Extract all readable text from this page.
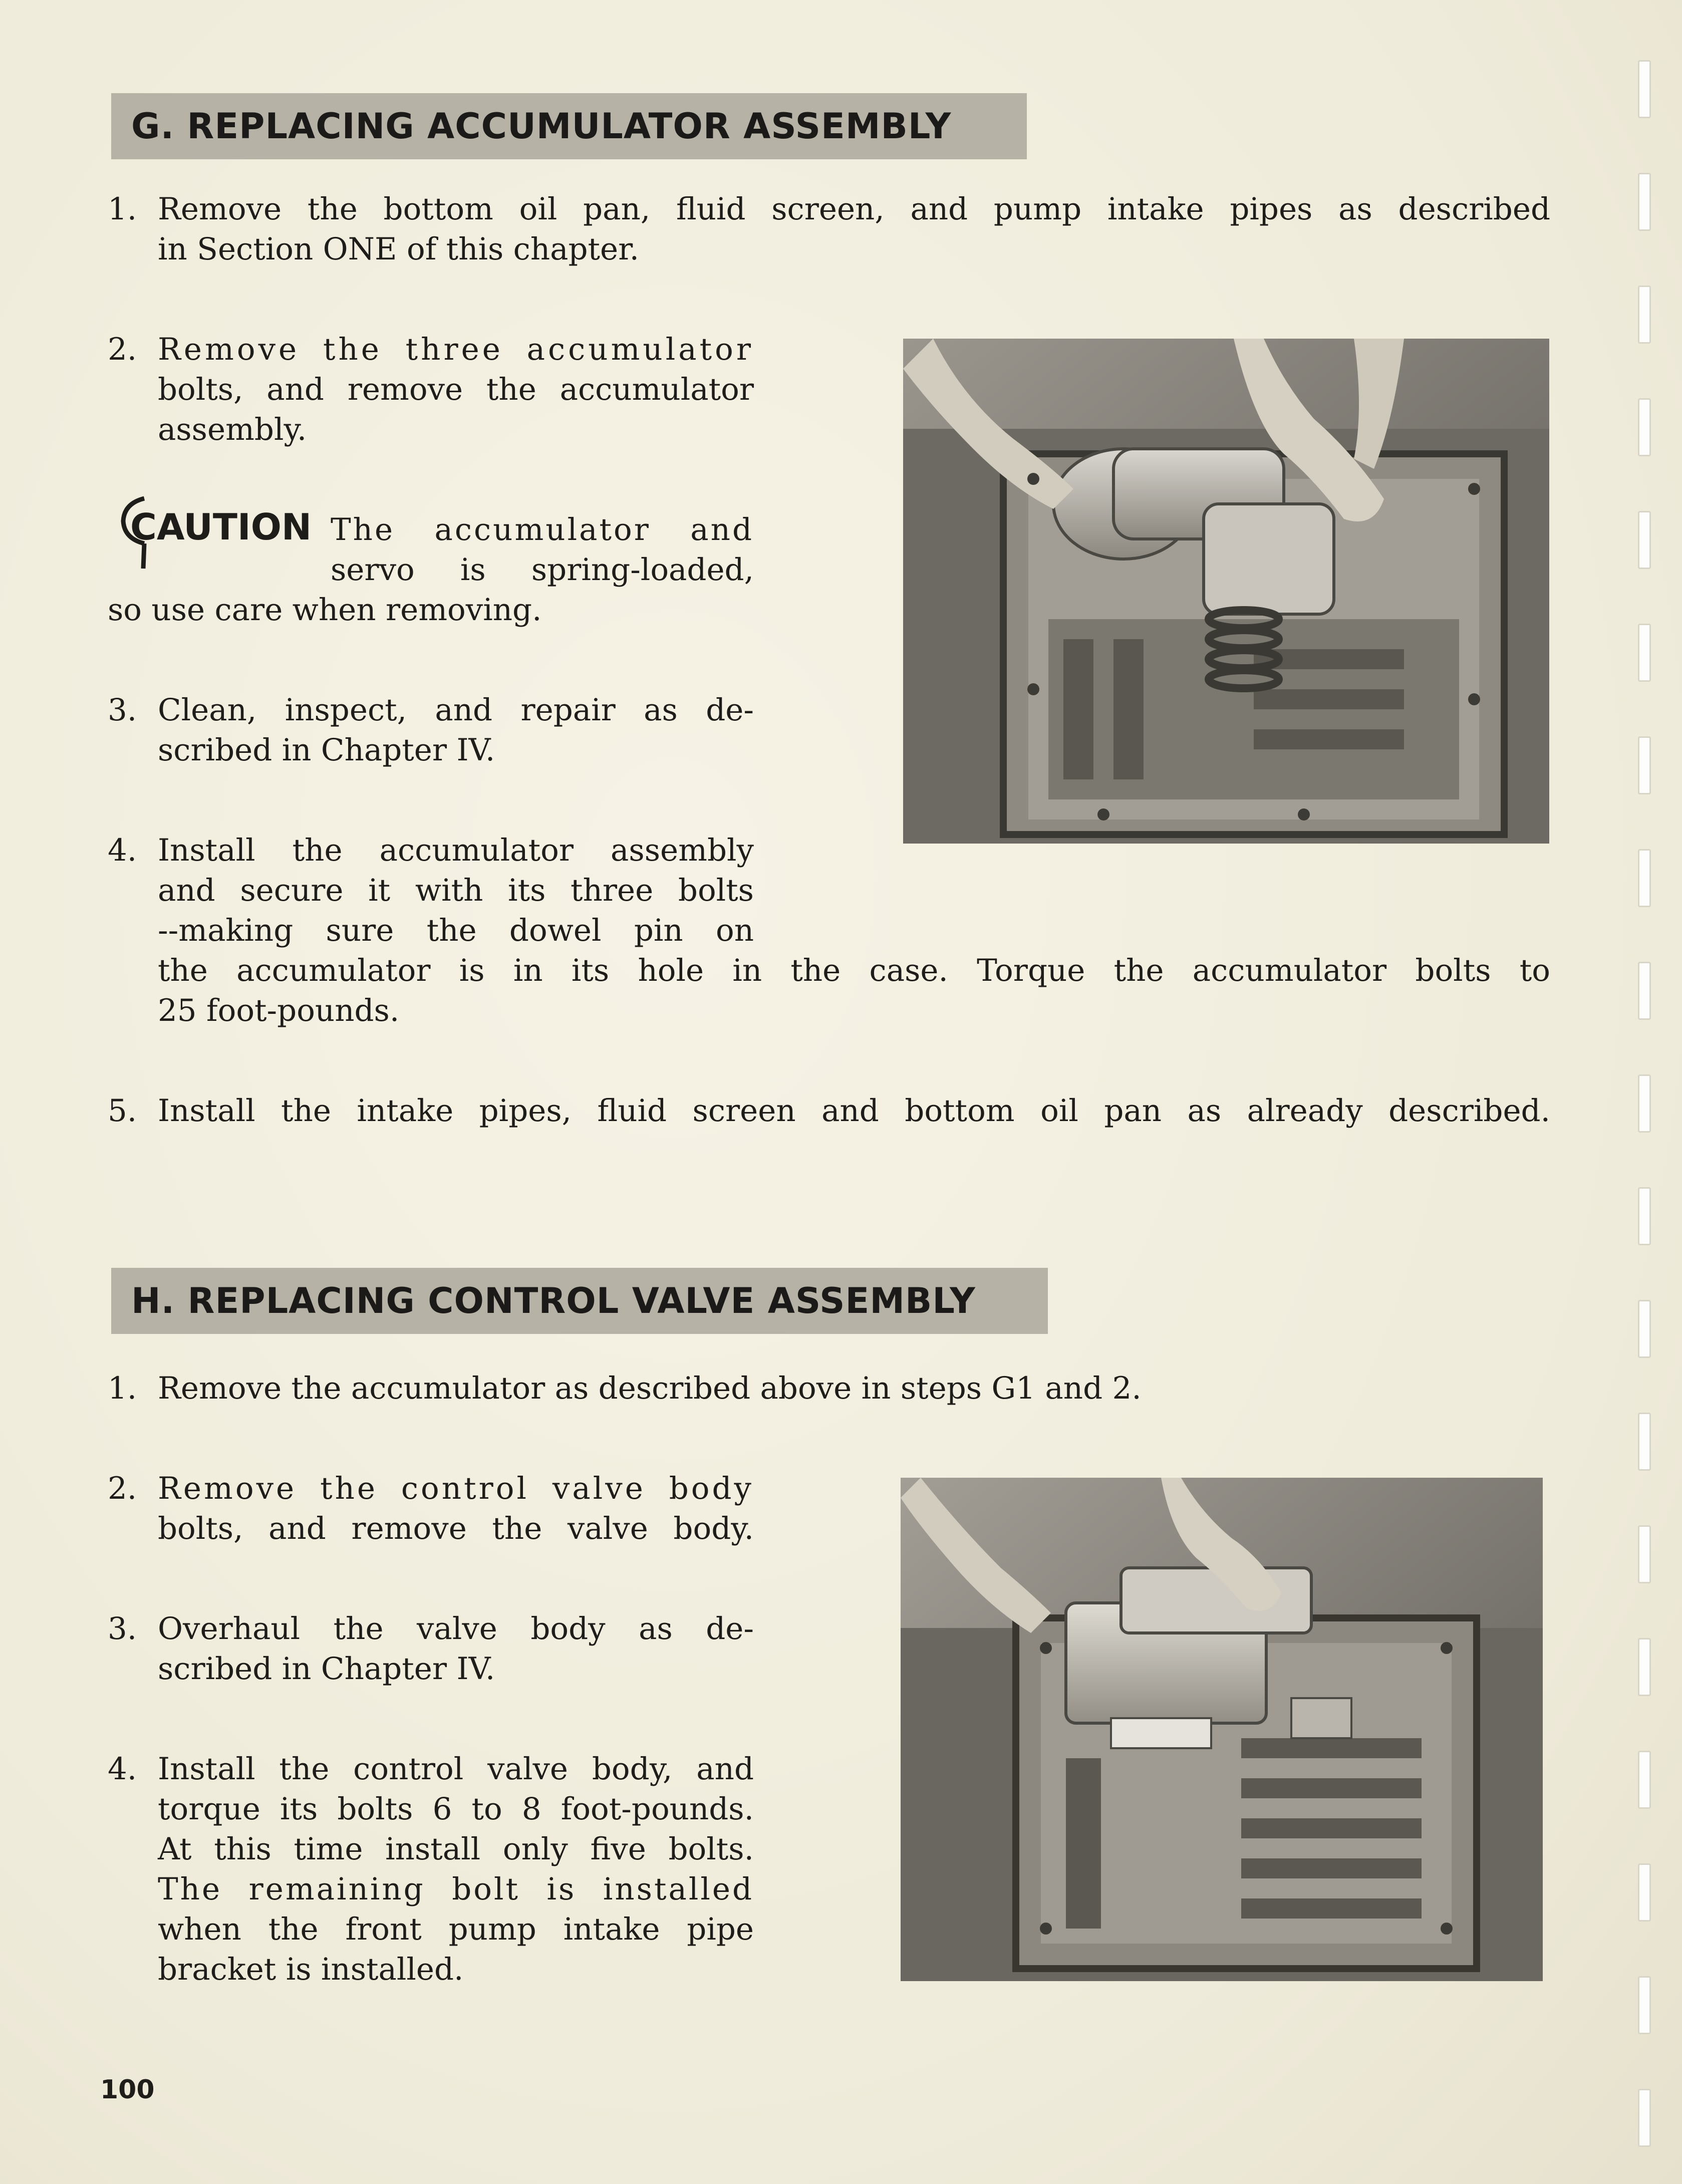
G. REPLACING ACCUMULATOR ASSEMBLY
1. Remove the bottom oil pan, fluid screen, and pump intake pipes as described
in Section ONE of this chapter.
2. Remove the three accumulator
bolts, and remove the accumulator
assembly.
CAUTION The accumulator and
servo is spring-loaded,
so use care when removing.
3. Clean, inspect, and repair as de-
scribed in Chapter IV.
4. Install the accumulator assembly
and secure it with its three bolts
--making sure the dowel pin on
the accumulator is in its hole in the case. Torque the accumulator bolts to
25 foot-pounds.
5. Install the intake pipes, fluid screen and bottom oil pan as already described.
H. REPLACING CONTROL VALVE ASSEMBLY
1. Remove the accumulator as described above in steps G1 and 2.
2. Remove the control valve body
bolts, and remove the valve body.
3. Overhaul the valve body as de-
scribed in Chapter IV.
4. Install the control valve body, and
torque its bolts 6 to 8 foot-pounds.
At this time install only five bolts.
The remaining bolt is installed
when the front pump intake pipe
bracket is installed.
100
